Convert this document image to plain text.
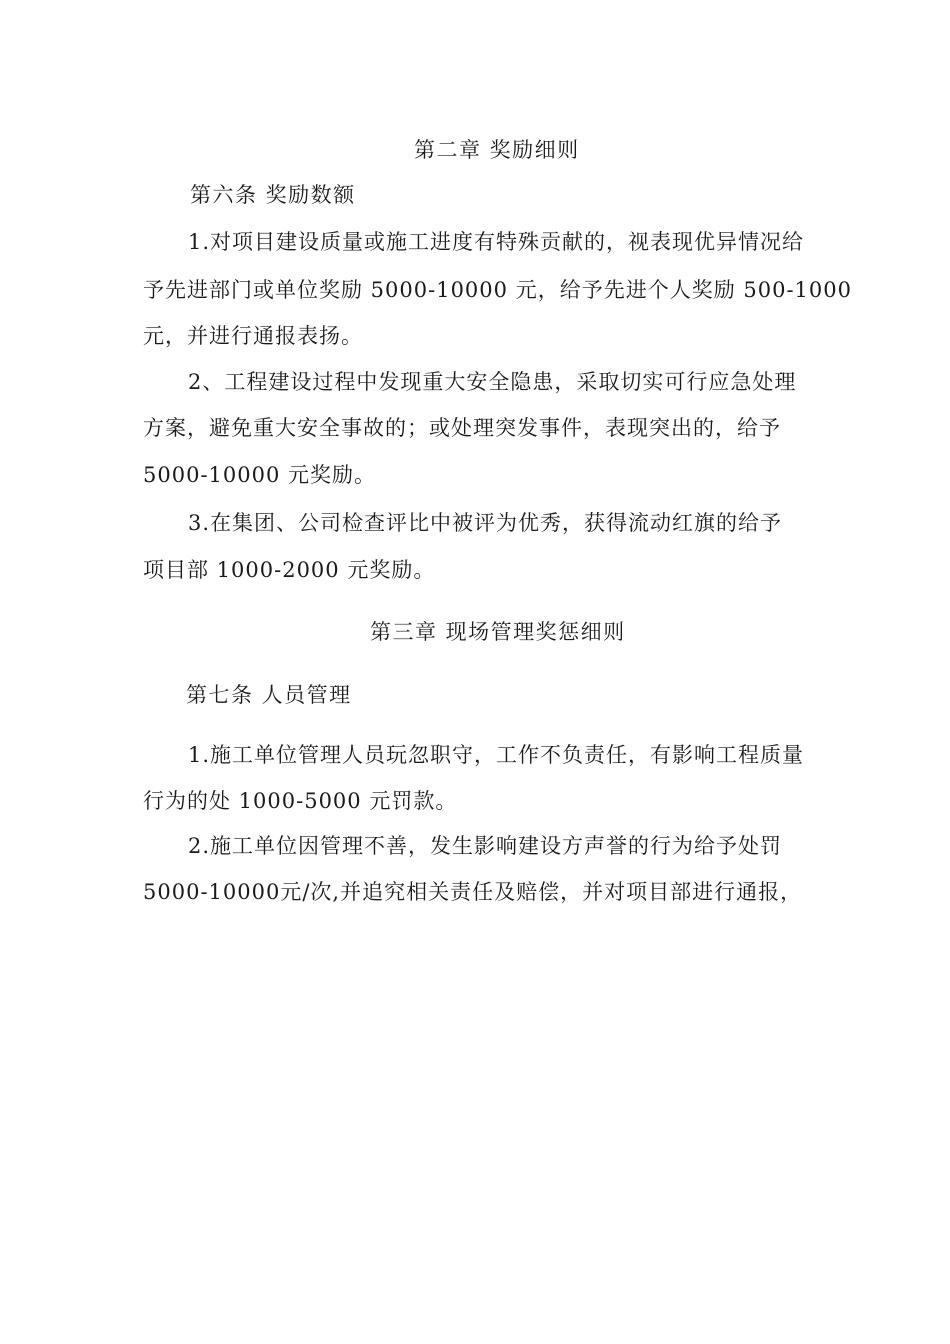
第二章 奖励细则
第六条 奖励数额
1.对项目建设质量或施工进度有特殊贡献的，视表现优异情况给
予先进部门或单位奖励 5000-10000 元，给予先进个人奖励 500-1000
元，并进行通报表扬。
2、工程建设过程中发现重大安全隐患，采取切实可行应急处理
方案，避免重大安全事故的；或处理突发事件，表现突出的，给予
5000-10000 元奖励。
3.在集团、公司检查评比中被评为优秀，获得流动红旗的给予
项目部 1000-2000 元奖励。
第三章 现场管理奖惩细则
第七条 人员管理
1.施工单位管理人员玩忽职守，工作不负责任，有影响工程质量
行为的处 1000-5000 元罚款。
2.施工单位因管理不善，发生影响建设方声誉的行为给予处罚
5000-10000元/次,并追究相关责任及赔偿，并对项目部进行通报，
